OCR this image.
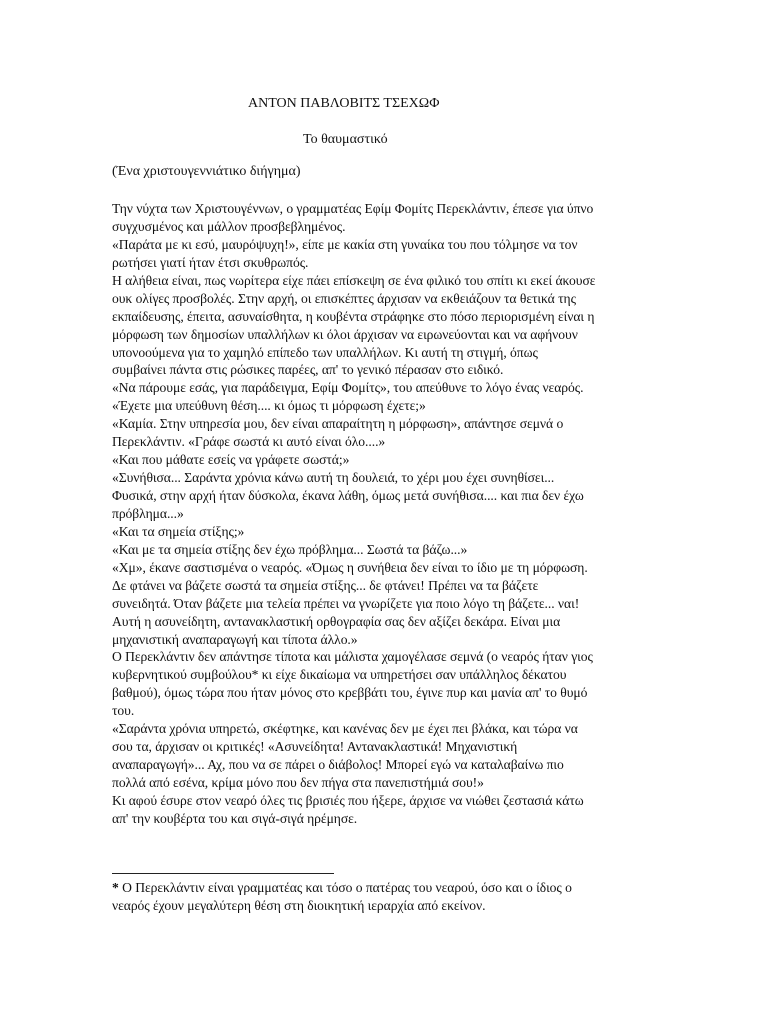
ΑΝΤΟΝ ΠΑΒΛΟΒΙΤΣ ΤΣΕΧΩΦ
Το θαυμαστικό
(Ένα χριστουγεννιάτικο διήγημα)
Την νύχτα των Χριστουγέννων, ο γραμματέας Εφίμ Φομίτς Περεκλάντιν, έπεσε για ύπνο
συγχυσμένος και μάλλον προσβεβλημένος.
«Παράτα με κι εσύ, μαυρόψυχη!», είπε με κακία στη γυναίκα του που τόλμησε να τον
ρωτήσει γιατί ήταν έτσι σκυθρωπός.
Η αλήθεια είναι, πως νωρίτερα είχε πάει επίσκεψη σε ένα φιλικό του σπίτι κι εκεί άκουσε
ουκ ολίγες προσβολές. Στην αρχή, οι επισκέπτες άρχισαν να εκθειάζουν τα θετικά της
εκπαίδευσης, έπειτα, ασυναίσθητα, η κουβέντα στράφηκε στο πόσο περιορισμένη είναι η
μόρφωση των δημοσίων υπαλλήλων κι όλοι άρχισαν να ειρωνεύονται και να αφήνουν
υπονοούμενα για το χαμηλό επίπεδο των υπαλλήλων. Κι αυτή τη στιγμή, όπως
συμβαίνει πάντα στις ρώσικες παρέες, απ' το γενικό πέρασαν στο ειδικό.
«Να πάρουμε εσάς, για παράδειγμα, Εφίμ Φομίτς», του απεύθυνε το λόγο ένας νεαρός.
«Έχετε μια υπεύθυνη θέση.... κι όμως τι μόρφωση έχετε;»
«Καμία. Στην υπηρεσία μου, δεν είναι απαραίτητη η μόρφωση», απάντησε σεμνά ο
Περεκλάντιν. «Γράφε σωστά κι αυτό είναι όλο....»
«Και που μάθατε εσείς να γράφετε σωστά;»
«Συνήθισα... Σαράντα χρόνια κάνω αυτή τη δουλειά, το χέρι μου έχει συνηθίσει...
Φυσικά, στην αρχή ήταν δύσκολα, έκανα λάθη, όμως μετά συνήθισα.... και πια δεν έχω
πρόβλημα...»
«Και τα σημεία στίξης;»
«Και με τα σημεία στίξης δεν έχω πρόβλημα... Σωστά τα βάζω...»
«Χμ», έκανε σαστισμένα ο νεαρός. «Όμως η συνήθεια δεν είναι το ίδιο με τη μόρφωση.
Δε φτάνει να βάζετε σωστά τα σημεία στίξης... δε φτάνει! Πρέπει να τα βάζετε
συνειδητά. Όταν βάζετε μια τελεία πρέπει να γνωρίζετε για ποιο λόγο τη βάζετε... ναι!
Αυτή η ασυνείδητη, αντανακλαστική ορθογραφία σας δεν αξίζει δεκάρα. Είναι μια
μηχανιστική αναπαραγωγή και τίποτα άλλο.»
Ο Περεκλάντιν δεν απάντησε τίποτα και μάλιστα χαμογέλασε σεμνά (ο νεαρός ήταν γιος
κυβερνητικού συμβούλου* κι είχε δικαίωμα να υπηρετήσει σαν υπάλληλος δέκατου
βαθμού), όμως τώρα που ήταν μόνος στο κρεββάτι του, έγινε πυρ και μανία απ' το θυμό
του.
«Σαράντα χρόνια υπηρετώ, σκέφτηκε, και κανένας δεν με έχει πει βλάκα, και τώρα να
σου τα, άρχισαν οι κριτικές! «Ασυνείδητα! Αντανακλαστικά! Μηχανιστική
αναπαραγωγή»... Αχ, που να σε πάρει ο διάβολος! Μπορεί εγώ να καταλαβαίνω πιο
πολλά από εσένα, κρίμα μόνο που δεν πήγα στα πανεπιστήμιά σου!»
Κι αφού έσυρε στον νεαρό όλες τις βρισιές που ήξερε, άρχισε να νιώθει ζεστασιά κάτω
απ' την κουβέρτα του και σιγά-σιγά ηρέμησε.
* Ο Περεκλάντιν είναι γραμματέας και τόσο ο πατέρας του νεαρού, όσο και ο ίδιος ο
νεαρός έχουν μεγαλύτερη θέση στη διοικητική ιεραρχία από εκείνον.
